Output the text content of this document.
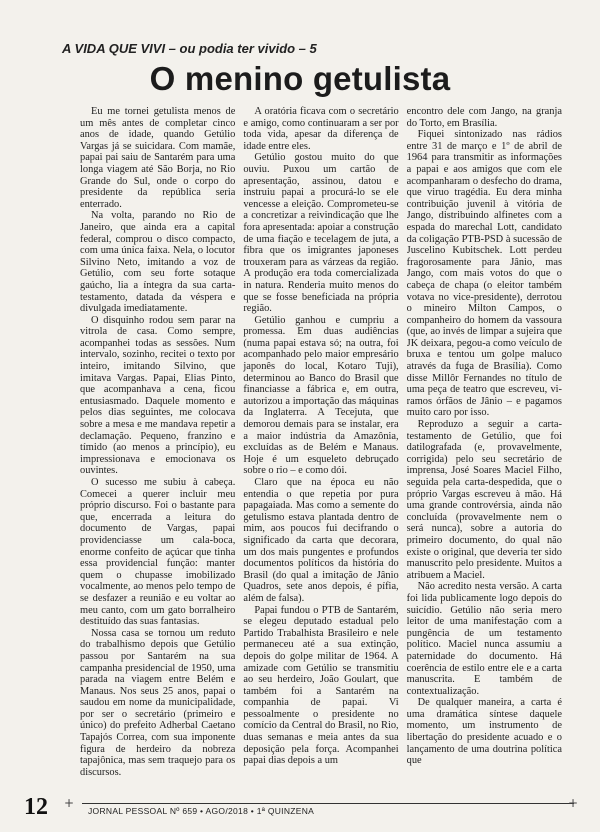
A VIDA QUE VIVI – ou podia ter vivido – 5

O menino getulista

Eu me tornei getulista menos de um mês antes de completar cinco anos de idade, quando Getúlio Vargas já se suicidara. Com mamãe, papai pai saiu de Santarém para uma longa viagem até São Borja, no Rio Grande do Sul, onde o corpo do presidente da república seria enterrado.

Na volta, parando no Rio de Janeiro, que ainda era a capital federal, comprou o disco compacto, com uma única faixa. Nela, o locutor Silvino Neto, imitando a voz de Getúlio, com seu forte sotaque gaúcho, lia a íntegra da sua carta-testamento, datada da véspera e divulgada imediatamente.

O disquinho rodou sem parar na vitrola de casa. Como sempre, acompanhei todas as sessões. Num intervalo, sozinho, recitei o texto por inteiro, imitando Silvino, que imitava Vargas. Papai, Elias Pinto, que acompanhava a cena, ficou entusiasmado. Daquele momento e pelos dias seguintes, me colocava sobre a mesa e me mandava repetir a declamação. Pequeno, franzino e tímido (ao menos a princípio), eu impressionava e emocionava os ouvintes.

O sucesso me subiu à cabeça. Comecei a querer incluir meu próprio discurso. Foi o bastante para que, encerrada a leitura do documento de Vargas, papai providenciasse um cala-boca, enorme confeito de açúcar que tinha essa providencial função: manter quem o chupasse imobilizado vocalmente, ao menos pelo tempo de se desfazer a reunião e eu voltar ao meu canto, com um gato borralheiro destituído das suas fantasias.

Nossa casa se tornou um reduto do trabalhismo depois que Getúlio passou por Santarém na sua campanha presidencial de 1950, uma parada na viagem entre Belém e Manaus. Nos seus 25 anos, papai o saudou em nome da municipalidade, por ser o secretário (primeiro e único) do prefeito Adherbal Caetano Tapajós Correa, com sua imponente figura de herdeiro da nobreza tapajônica, mas sem traquejo para os discursos.

A oratória ficava com o secretário e amigo, como continuaram a ser por toda vida, apesar da diferença de idade entre eles.

Getúlio gostou muito do que ouviu. Puxou um cartão de apresentação, assinou, datou e instruiu papai a procurá-lo se ele vencesse a eleição. Comprometeu-se a concretizar a reivindicação que lhe fora apresentada: apoiar a construção de uma fiação e tecelagem de juta, a fibra que os imigrantes japoneses trouxeram para as várzeas da região. A produção era toda comercializada in natura. Renderia muito menos do que se fosse beneficiada na própria região.

Getúlio ganhou e cumpriu a promessa. Em duas audiências (numa papai estava só; na outra, foi acompanhado pelo maior empresário japonês do local, Kotaro Tuji), determinou ao Banco do Brasil que financiasse a fábrica e, em outra, autorizou a importação das máquinas da Inglaterra. A Tecejuta, que demorou demais para se instalar, era a maior indústria da Amazônia, excluídas as de Belém e Manaus. Hoje é um esqueleto debruçado sobre o rio – e como dói.

Claro que na época eu não entendia o que repetia por pura papagaiada. Mas como a semente do getulismo estava plantada dentro de mim, aos poucos fui decifrando o significado da carta que decorara, um dos mais pungentes e profundos documentos políticos da história do Brasil (do qual a imitação de Jânio Quadros, sete anos depois, é pífia, além de falsa).

Papai fundou o PTB de Santarém, se elegeu deputado estadual pelo Partido Trabalhista Brasileiro e nele permaneceu até a sua extinção, depois do golpe militar de 1964. A amizade com Getúlio se transmitiu ao seu herdeiro, João Goulart, que também foi a Santarém na companhia de papai. Vi pessoalmente o presidente no comício da Central do Brasil, no Rio, duas semanas e meia antes da sua deposição pela força. Acompanhei papai dias depois a um

encontro dele com Jango, na granja do Torto, em Brasília.

Fiquei sintonizado nas rádios entre 31 de março e 1º de abril de 1964 para transmitir as informações a papai e aos amigos que com ele acompanharam o desfecho do drama, que viruo tragédia. Eu dera minha contribuição juvenil à vitória de Jango, distribuindo alfinetes com a espada do marechal Lott, candidato da coligação PTB-PSD à sucessão de Juscelino Kubitschek. Lott perdeu fragorosamente para Jânio, mas Jango, com mais votos do que o cabeça de chapa (o eleitor também votava no vice-presidente), derrotou o mineiro Milton Campos, o companheiro do homem da vassoura (que, ao invés de limpar a sujeira que JK deixara, pegou-a como veículo de bruxa e tentou um golpe maluco através da fuga de Brasília). Como disse Millôr Fernandes no título de uma peça de teatro que escreveu, vi-ramos órfãos de Jânio – e pagamos muito caro por isso.

Reproduzo a seguir a carta-testamento de Getúlio, que foi datilografada (e, provavelmente, corrigida) pelo seu secretário de imprensa, José Soares Maciel Filho, seguida pela carta-despedida, que o próprio Vargas escreveu à mão. Há uma grande controvérsia, ainda não concluída (provavelmente nem o será nunca), sobre a autoria do primeiro documento, do qual não existe o original, que deveria ter sido manuscrito pelo presidente. Muitos a atribuem a Maciel.

Não acredito nesta versão. A carta foi lida publicamente logo depois do suicídio. Getúlio não seria mero leitor de uma manifestação com a pungência de um testamento político. Maciel nunca assumiu a paternidade do documento. Há coerência de estilo entre ele e a carta manuscrita. E também de contextualização.

De qualquer maneira, a carta é uma dramática síntese daquele momento, um instrumento de libertação do presidente acuado e o lançamento de uma doutrina política que

12 +
JORNAL PESSOAL Nº 659 • AGO/2018 • 1ª QUINZENA
+
